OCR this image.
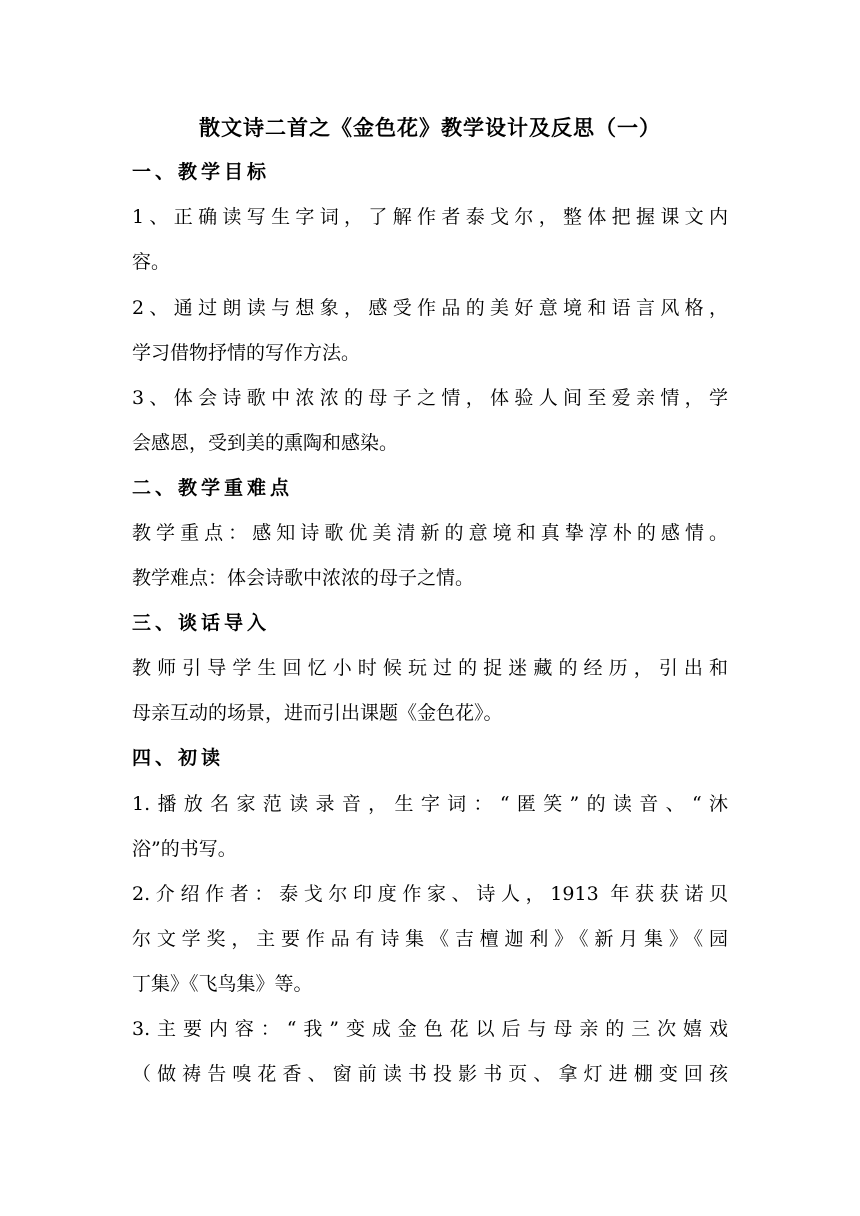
散文诗二首之《金色花》教学设计及反思（一）
一、教学目标
1、正确读写生字词，了解作者泰戈尔，整体把握课文内
容。
2、通过朗读与想象，感受作品的美好意境和语言风格，
学习借物抒情的写作方法。
3、体会诗歌中浓浓的母子之情，体验人间至爱亲情，学
会感恩，受到美的熏陶和感染。
二、教学重难点
教学重点：感知诗歌优美清新的意境和真挚淳朴的感情。
教学难点：体会诗歌中浓浓的母子之情。
三、谈话导入
教师引导学生回忆小时候玩过的捉迷藏的经历，引出和
母亲互动的场景，进而引出课题《金色花》。
四、初读
1.播放名家范读录音，生字词：“匿笑”的读音、“沐
浴”的书写。
2.介绍作者：泰戈尔印度作家、诗人，1913 年获获诺贝
尔文学奖，主要作品有诗集《吉檀迦利》《新月集》《园
丁集》《飞鸟集》等。
3.主要内容：“我”变成金色花以后与母亲的三次嬉戏
（做祷告嗅花香、窗前读书投影书页、拿灯进棚变回孩
